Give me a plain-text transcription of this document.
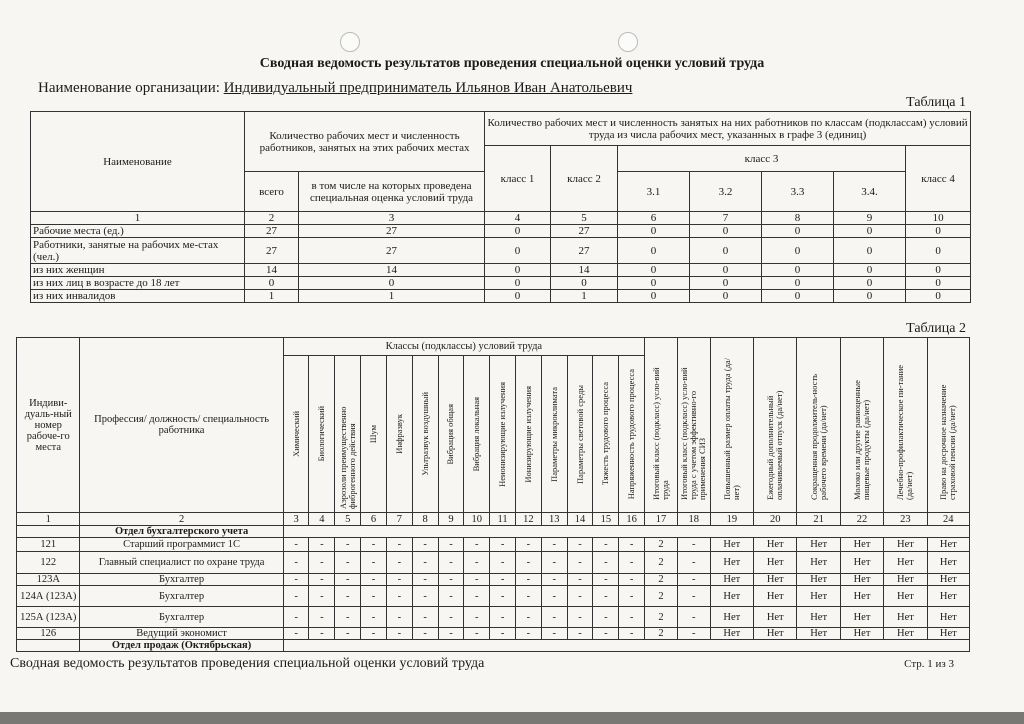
Сводная ведомость результатов проведения специальной оценки условий труда
Наименование организации: Индивидуальный предприниматель Ильянов Иван Анатольевич
Таблица 1
Наименование	Количество рабочих мест и численность работников, занятых на этих рабочих местах		Количество рабочих мест и численность занятых на них работников по классам (подклассам) условий труда из числа рабочих мест, указанных в графе 3 (единиц)						
			класс 1	класс 2	класс 3				класс 4
	всего	в том числе на которых проведена специальная оценка условий труда			3.1	3.2	3.3	3.4.	
1	2	3	4	5	6	7	8	9	10
Рабочие места (ед.)	27	27	0	27	0	0	0	0	0
Работники, занятые на рабочих ме-стах (чел.)	27	27	0	27	0	0	0	0	0
из них женщин	14	14	0	14	0	0	0	0	0
из них лиц в возрасте до 18 лет	0	0	0	0	0	0	0	0	0
из них инвалидов	1	1	0	1	0	0	0	0	0
Таблица 2
Индиви-дуаль-ный номер рабоче-го места	Профессия/ должность/ специальность работника	Классы (подклассы) условий труда														Итоговый класс (подкласс) усло-вий труда	Итоговый класс (подкласс) усло-вий труда с учетом эффективно-го применения СИЗ	Повышенный размер оплаты труда (да/нет)	Ежегодный дополнительный оплачиваемый отпуск (да/нет)	Сокращенная продолжитель-ность рабочего времени (да/нет)	Молоко или другие равноценные пищевые продукты (да/нет)	Лечебно-профилактическое пи-тание (да/нет)	Право на досрочное назначение страховой пенсии (да/нет)

		Химический	Биологический	Аэрозоли преимущественно фиброгенного действия	Шум	Инфразвук	Ультразвук воздушный	Вибрация общая	Вибрация локальная	Неионизирующие излучения	Ионизирующие излучения	Параметры микроклимата	Параметры световой среды	Тяжесть трудового процесса	Напряженность трудового процесса								

1	2	3	4	5	6	7	8	9	10	11	12	13	14	15	16	17	18	19	20	21	22	23	24
	Отдел бухгалтерского учета																						
121	Старший программист 1С	-	-	-	-	-	-	-	-	-	-	-	-	-	-	2	-	Нет	Нет	Нет	Нет	Нет	Нет
122	Главный специалист по охране труда	-	-	-	-	-	-	-	-	-	-	-	-	-	-	2	-	Нет	Нет	Нет	Нет	Нет	Нет
123А	Бухгалтер	-	-	-	-	-	-	-	-	-	-	-	-	-	-	2	-	Нет	Нет	Нет	Нет	Нет	Нет
124А (123А)	Бухгалтер	-	-	-	-	-	-	-	-	-	-	-	-	-	-	2	-	Нет	Нет	Нет	Нет	Нет	Нет
125А (123А)	Бухгалтер	-	-	-	-	-	-	-	-	-	-	-	-	-	-	2	-	Нет	Нет	Нет	Нет	Нет	Нет
126	Ведущий экономист	-	-	-	-	-	-	-	-	-	-	-	-	-	-	2	-	Нет	Нет	Нет	Нет	Нет	Нет
	Отдел продаж (Октябрьская)																						
Сводная ведомость результатов проведения специальной оценки условий труда	Стр. 1 из 3
